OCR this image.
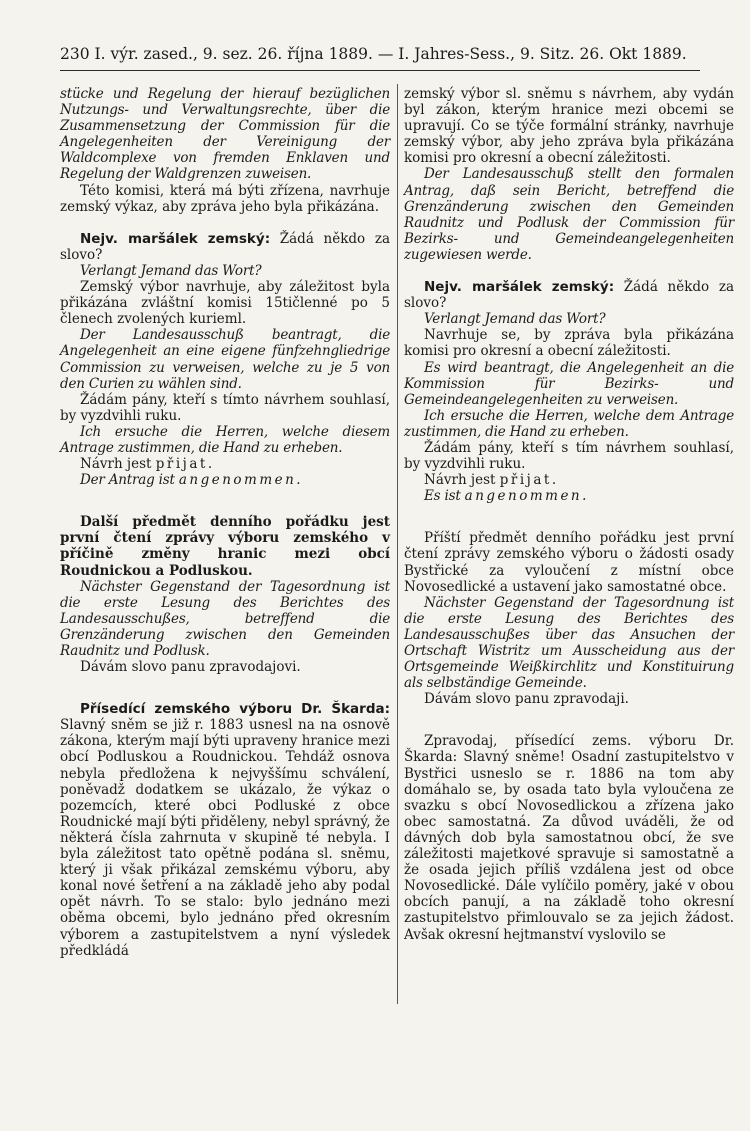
230 I. výr. zased., 9. sez. 26. října 1889. — I. Jahres-Sess., 9. Sitz. 26. Okt 1889.

stücke und Regelung der hierauf bezüglichen Nutzungs- und Verwaltungsrechte, über die Zusammensetzung der Commission für die Angelegenheiten der Vereinigung der Waldcomplexe von fremden Enklaven und Regelung der Waldgrenzen zuweisen.

Této komisi, která má býti zřízena, navrhuje zemský výkaz, aby zpráva jeho byla přikázána.

Nejv. maršálek zemský: Žádá někdo za slovo?

Verlangt Jemand das Wort?

Zemský výbor navrhuje, aby záležitost byla přikázána zvláštní komisi 15tičlenné po 5 členech zvolených kurieml.

Der Landesausschuß beantragt, die Angelegenheit an eine eigene fünfzehngliedrige Commission zu verweisen, welche zu je 5 von den Curien zu wählen sind.

Žádám pány, kteří s tímto návrhem souhlasí, by vyzdvihli ruku.

Ich ersuche die Herren, welche diesem Antrage zustimmen, die Hand zu erheben.

Návrh jest přijat.

Der Antrag ist angenommen.

Další předmět denního pořádku jest první čtení zprávy výboru zemského v příčině změny hranic mezi obcí Roudnickou a Podluskou.

Nächster Gegenstand der Tagesordnung ist die erste Lesung des Berichtes des Landesausschußes, betreffend die Grenzänderung zwischen den Gemeinden Raudnitz und Podlusk.

Dávám slovo panu zpravodajovi.

Přísedící zemského výboru Dr. Škarda: Slavný sněm se již r. 1883 usnesl na na osnově zákona, kterým mají býti upraveny hranice mezi obcí Podluskou a Roudnickou. Tehdáž osnova nebyla předložena k nejvyššímu schválení, poněvadž dodatkem se ukázalo, že výkaz o pozemcích, které obci Podluské z obce Roudnické mají býti přiděleny, nebyl správný, že některá čísla zahrnuta v skupině té nebyla. I byla záležitost tato opětně podána sl. sněmu, který ji však přikázal zemskému výboru, aby konal nové šetření a na základě jeho aby podal opět návrh. To se stalo: bylo jednáno mezi oběma obcemi, bylo jednáno před okresním výborem a zastupitelstvem a nyní výsledek předkládá

zemský výbor sl. sněmu s návrhem, aby vydán byl zákon, kterým hranice mezi obcemi se upravují. Co se týče formální stránky, navrhuje zemský výbor, aby jeho zpráva byla přikázána komisi pro okresní a obecní záležitosti.

Der Landesausschuß stellt den formalen Antrag, daß sein Bericht, betreffend die Grenzänderung zwischen den Gemeinden Raudnitz und Podlusk der Commission für Bezirks- und Gemeindeangelegenheiten zugewiesen werde.

Nejv. maršálek zemský: Žádá někdo za slovo?

Verlangt Jemand das Wort?

Navrhuje se, by zpráva byla přikázána komisi pro okresní a obecní záležitosti.

Es wird beantragt, die Angelegenheit an die Kommission für Bezirks- und Gemeindeangelegenheiten zu verweisen.

Ich ersuche die Herren, welche dem Antrage zustimmen, die Hand zu erheben.

Žádám pány, kteří s tím návrhem souhlasí, by vyzdvihli ruku.

Návrh jest přijat.

Es ist angenommen.

Příští předmět denního pořádku jest první čtení zprávy zemského výboru o žádosti osady Bystřické za vyloučení z místní obce Novosedlické a ustavení jako samostatné obce.

Nächster Gegenstand der Tagesordnung ist die erste Lesung des Berichtes des Landesausschußes über das Ansuchen der Ortschaft Wistritz um Ausscheidung aus der Ortsgemeinde Weißkirchlitz und Konstituirung als selbständige Gemeinde.

Dávám slovo panu zpravodaji.

Zpravodaj, přísedící zems. výboru Dr. Škarda: Slavný sněme! Osadní zastupitelstvo v Bystřici usneslo se r. 1886 na tom aby domáhalo se, by osada tato byla vyloučena ze svazku s obcí Novosedlickou a zřízena jako obec samostatná. Za důvod uváděli, že od dávných dob byla samostatnou obcí, že sve záležitosti majetkové spravuje si samostatně a že osada jejich příliš vzdálena jest od obce Novosedlické. Dále vylíčilo poměry, jaké v obou obcích panují, a na základě toho okresní zastupitelstvo přimlouvalo se za jejich žádost. Avšak okresní hejtmanství vyslovilo se
